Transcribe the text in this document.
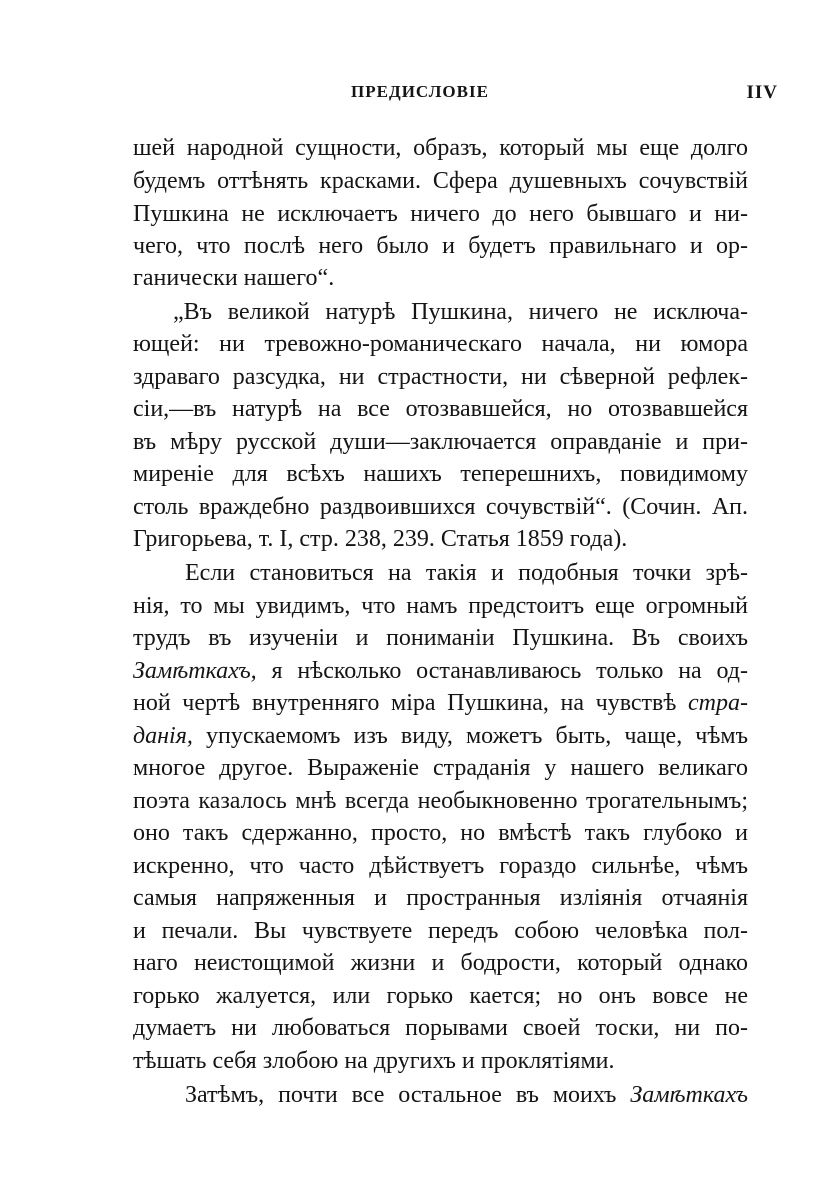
ПРЕДИСЛОВІЕ	IIV
шей народной сущности, образъ, который мы еще долго
будемъ оттѣнять красками. Сфера душевныхъ сочувствій
Пушкина не исключаетъ ничего до него бывшаго и ни-
чего, что послѣ него было и будетъ правильнаго и ор-
ганически нашего“.
„Въ великой натурѣ Пушкина, ничего не исключа-
ющей: ни тревожно-романическаго начала, ни юмора
здраваго разсудка, ни страстности, ни сѣверной рефлек-
сіи,—въ натурѣ на все отозвавшейся, но отозвавшейся
въ мѣру русской души—заключается оправданіе и при-
миреніе для всѣхъ нашихъ теперешнихъ, повидимому
столь враждебно раздвоившихся сочувствій“. (Сочин. Ап.
Григорьева, т. I, стр. 238, 239. Статья 1859 года).
Если становиться на такія и подобныя точки зрѣ-
нія, то мы увидимъ, что намъ предстоитъ еще огромный
трудъ въ изученіи и пониманіи Пушкина. Въ своихъ
Замѣткахъ, я нѣсколько останавливаюсь только на од-
ной чертѣ внутренняго міра Пушкина, на чувствѣ стра-
данія, упускаемомъ изъ виду, можетъ быть, чаще, чѣмъ
многое другое. Выраженіе страданія у нашего великаго
поэта казалось мнѣ всегда необыкновенно трогательнымъ;
оно такъ сдержанно, просто, но вмѣстѣ такъ глубоко и
искренно, что часто дѣйствуетъ гораздо сильнѣе, чѣмъ
самыя напряженныя и пространныя изліянія отчаянія
и печали. Вы чувствуете передъ собою человѣка пол-
наго неистощимой жизни и бодрости, который однако
горько жалуется, или горько кается; но онъ вовсе не
думаетъ ни любоваться порывами своей тоски, ни по-
тѣшать себя злобою на другихъ и проклятіями.
Затѣмъ, почти все остальное въ моихъ Замѣткахъ
